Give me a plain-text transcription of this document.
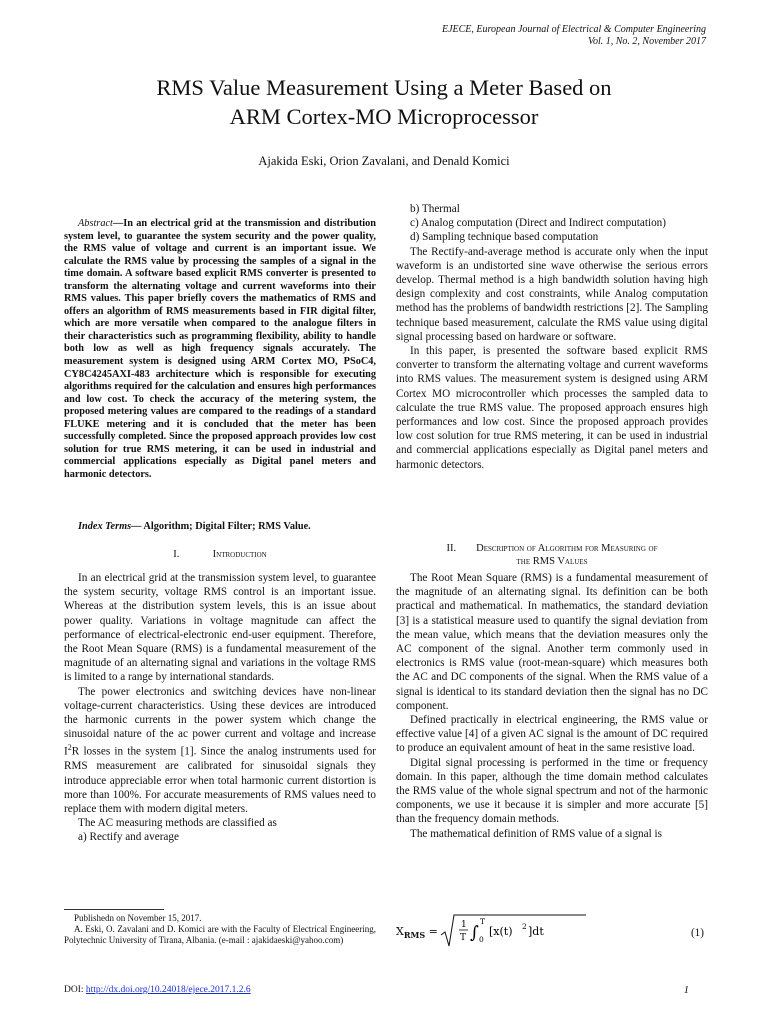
EJECE, European Journal of Electrical & Computer Engineering
Vol. 1, No. 2, November 2017
RMS Value Measurement Using a Meter Based on
ARM Cortex-MO Microprocessor
Ajakida Eski, Orion Zavalani, and Denald Komici

Abstract—In an electrical grid at the transmission and distribution system level, to guarantee the system security and the power quality, the RMS value of voltage and current is an important issue. We calculate the RMS value by processing the samples of a signal in the time domain. A software based explicit RMS converter is presented to transform the alternating voltage and current waveforms into their RMS values. This paper briefly covers the mathematics of RMS and offers an algorithm of RMS measurements based in FIR digital filter, which are more versatile when compared to the analogue filters in their characteristics such as programming flexibility, ability to handle both low as well as high frequency signals accurately. The measurement system is designed using ARM Cortex MO, PSoC4, CY8C4245AXI-483 architecture which is responsible for executing algorithms required for the calculation and ensures high performances and low cost. To check the accuracy of the metering system, the proposed metering values are compared to the readings of a standard FLUKE metering and it is concluded that the meter has been successfully completed. Since the proposed approach provides low cost solution for true RMS metering, it can be used in industrial and commercial applications especially as Digital panel meters and harmonic detectors.

Index Terms— Algorithm; Digital Filter; RMS Value.
I.	Introduction

In an electrical grid at the transmission system level, to guarantee the system security, voltage RMS control is an important issue. Whereas at the distribution system levels, this is an issue about power quality. Variations in voltage magnitude can affect the performance of electrical-electronic end-user equipment. Therefore, the Root Mean Square (RMS) is a fundamental measurement of the magnitude of an alternating signal and variations in the voltage RMS is limited to a range by international standards.

The power electronics and switching devices have non-linear voltage-current characteristics. Using these devices are introduced the harmonic currents in the power system which change the sinusoidal nature of the ac power current and voltage and increase $I^2R$ losses in the system [1]. Since the analog instruments used for RMS measurement are calibrated for sinusoidal signals they introduce appreciable error when total harmonic current distortion is more than 100%. For accurate measurements of RMS values need to replace them with modern digital meters.

The AC measuring methods are classified as

a) Rectify and average

Publishedn on November 15, 2017.

A. Eski, O. Zavalani and D. Komici are with the Faculty of Electrical Engineering, Polytechnic University of Tirana, Albania. (e-mail : ajakidaeski@yahoo.com)

b) Thermal

c) Analog computation (Direct and Indirect computation)

d) Sampling technique based computation

The Rectify-and-average method is accurate only when the input waveform is an undistorted sine wave otherwise the serious errors develop. Thermal method is a high bandwidth solution having high design complexity and cost constraints, while Analog computation method has the problems of bandwidth restrictions [2]. The Sampling technique based measurement, calculate the RMS value using digital signal processing based on hardware or software.

In this paper, is presented the software based explicit RMS converter to transform the alternating voltage and current waveforms into RMS values. The measurement system is designed using ARM Cortex MO microcontroller which processes the sampled data to calculate the true RMS value. The proposed approach ensures high performances and low cost. Since the proposed approach provides low cost solution for true RMS metering, it can be used in industrial and commercial applications especially as Digital panel meters and harmonic detectors.

II. Description of Algorithm for Measuring of
the RMS Values

The Root Mean Square (RMS) is a fundamental measurement of the magnitude of an alternating signal. Its definition can be both practical and mathematical. In mathematics, the standard deviation [3] is a statistical measure used to quantify the signal deviation from the mean value, which means that the deviation measures only the AC component of the signal. Another term commonly used in electronics is RMS value (root-mean-square) which measures both the AC and DC components of the signal. When the RMS value of a signal is identical to its standard deviation then the signal has no DC component.

Defined practically in electrical engineering, the RMS value or effective value [4] of a given AC signal is the amount of DC required to produce an equivalent amount of heat in the same resistive load.

Digital signal processing is performed in the time or frequency domain. In this paper, although the time domain method calculates the RMS value of the whole signal spectrum and not of the harmonic components, we use it because it is simpler and more accurate [5] than the frequency domain methods.

The mathematical definition of RMS value of a signal is

$X_{RMS}$ =	1
T ∫
T
0
[x(t) 2 ]dt	(1)
DOI: http://dx.doi.org/10.24018/ejece.2017.1.2.6	1
